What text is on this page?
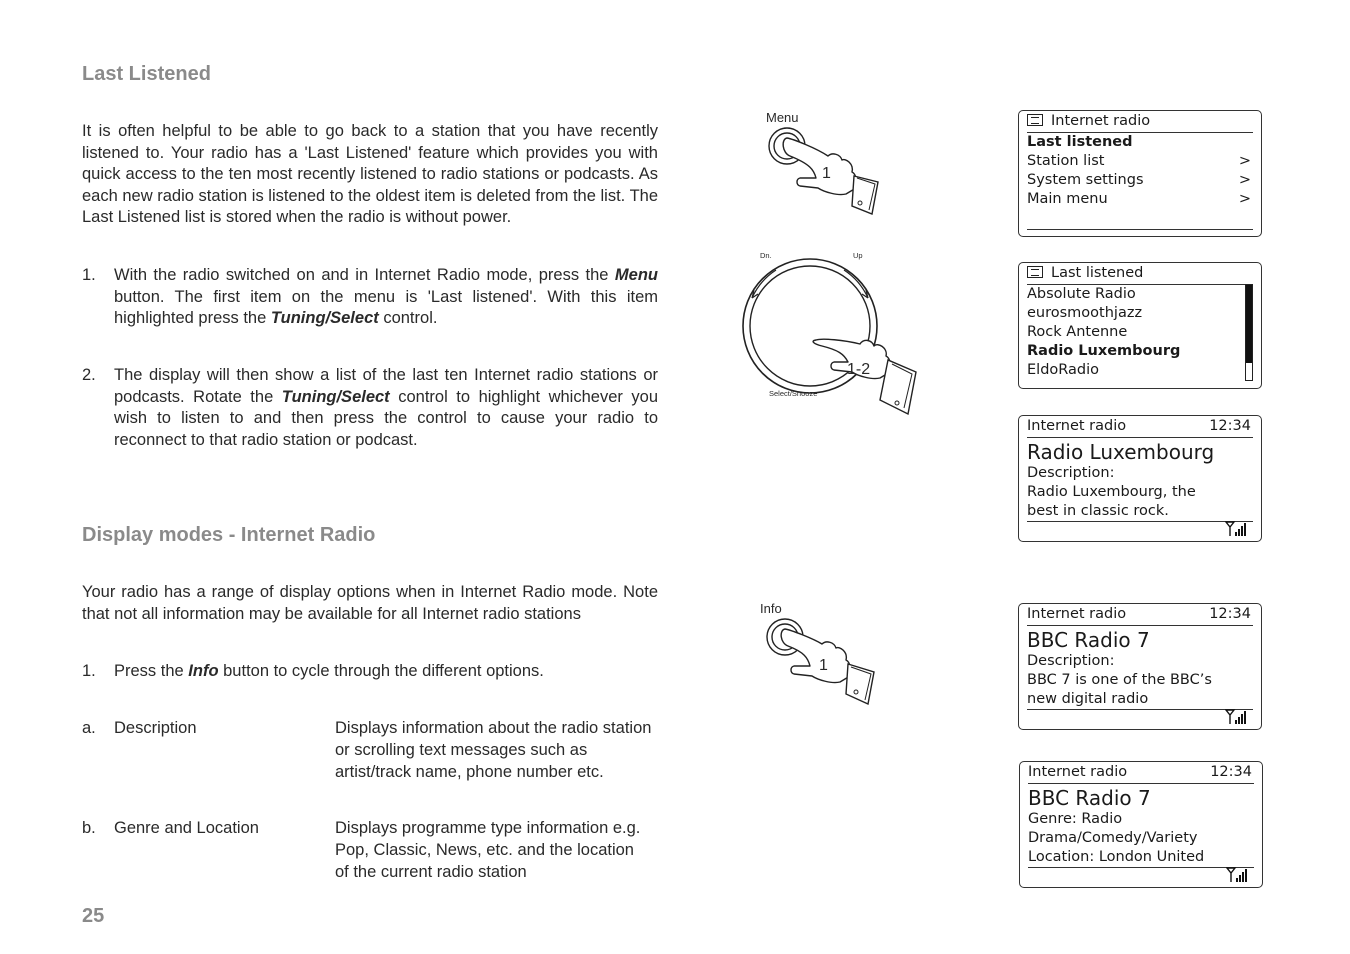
Last Listened
It is often helpful to be able to go back to a station that you have recently listened to. Your radio has a 'Last Listened' feature which provides you with quick access to the ten most recently listened to radio stations or podcasts. As each new radio station is listened to the oldest item is deleted from the list. The Last Listened list is stored when the radio is without power.
1.	With the radio switched on and in Internet Radio mode, press the Menu button. The first item on the menu is 'Last listened'. With this item highlighted press the Tuning/Select control.
2.	The display will then show a list of the last ten Internet radio stations or podcasts. Rotate the Tuning/Select control to highlight whichever you wish to listen to and then press the control to cause your radio to reconnect to that radio station or podcast.
Display modes - Internet Radio
Your radio has a range of display options when in Internet Radio mode. Note that not all information may be available for all Internet radio stations
1.	Press the Info button to cycle through the different options.
a. Description	Displays information about the radio station or scrolling text messages such as artist/track name, phone number etc.
b. Genre and Location	Displays programme type information e.g. Pop, Classic, News, etc. and the location of the current radio station
25
Menu
1
Dn.	Up
Select/Snooze
1-2
Info
1
Internet radio
Last listened
Station list	>
System settings	>
Main menu	>
Last listened
Absolute Radio
eurosmoothjazz
Rock Antenne
Radio Luxembourg
EldoRadio
Internet radio	12:34
Radio Luxembourg
Description:
Radio Luxembourg, the
best in classic rock.
Internet radio	12:34
BBC Radio 7
Description:
BBC 7 is one of the BBC’s
new digital radio
Internet radio	12:34
BBC Radio 7
Genre: Radio
Drama/Comedy/Variety
Location: London United
